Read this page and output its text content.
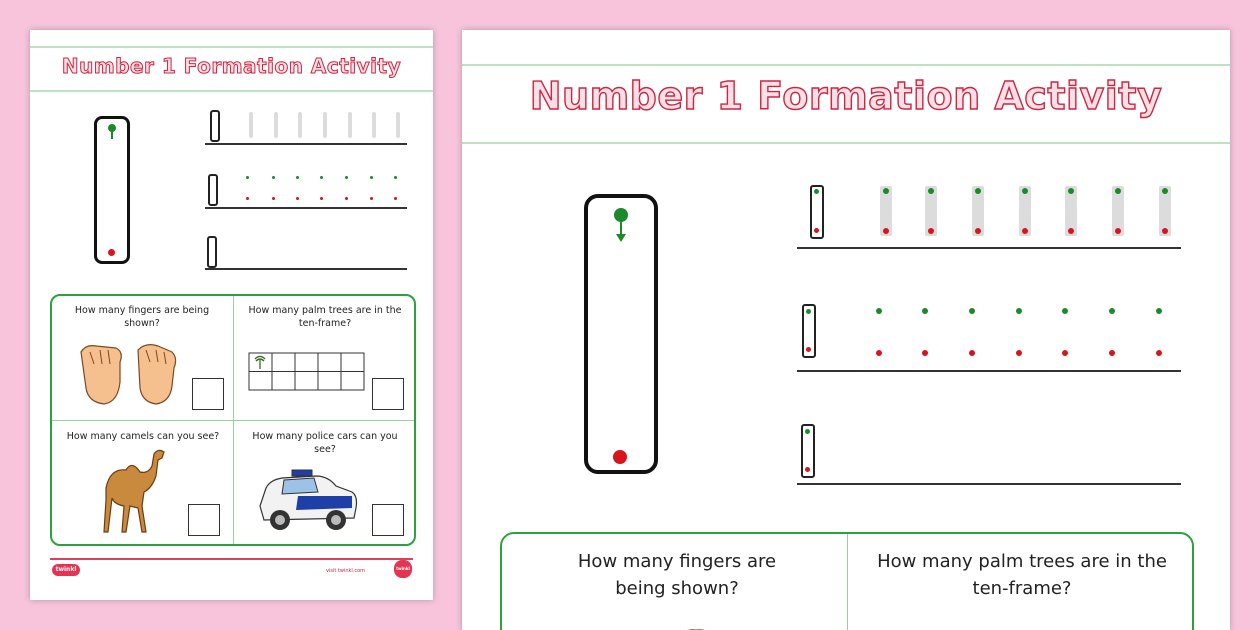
Number 1 Formation Activity
How many fingers are being shown?
How many palm trees are in the ten-frame?
How many camels can you see?	How many police cars can you see?
twinkl	visit twinkl.com	twinkl
Number 1 Formation Activity
How many fingers are
being shown?
How many palm trees are in the
ten-frame?
